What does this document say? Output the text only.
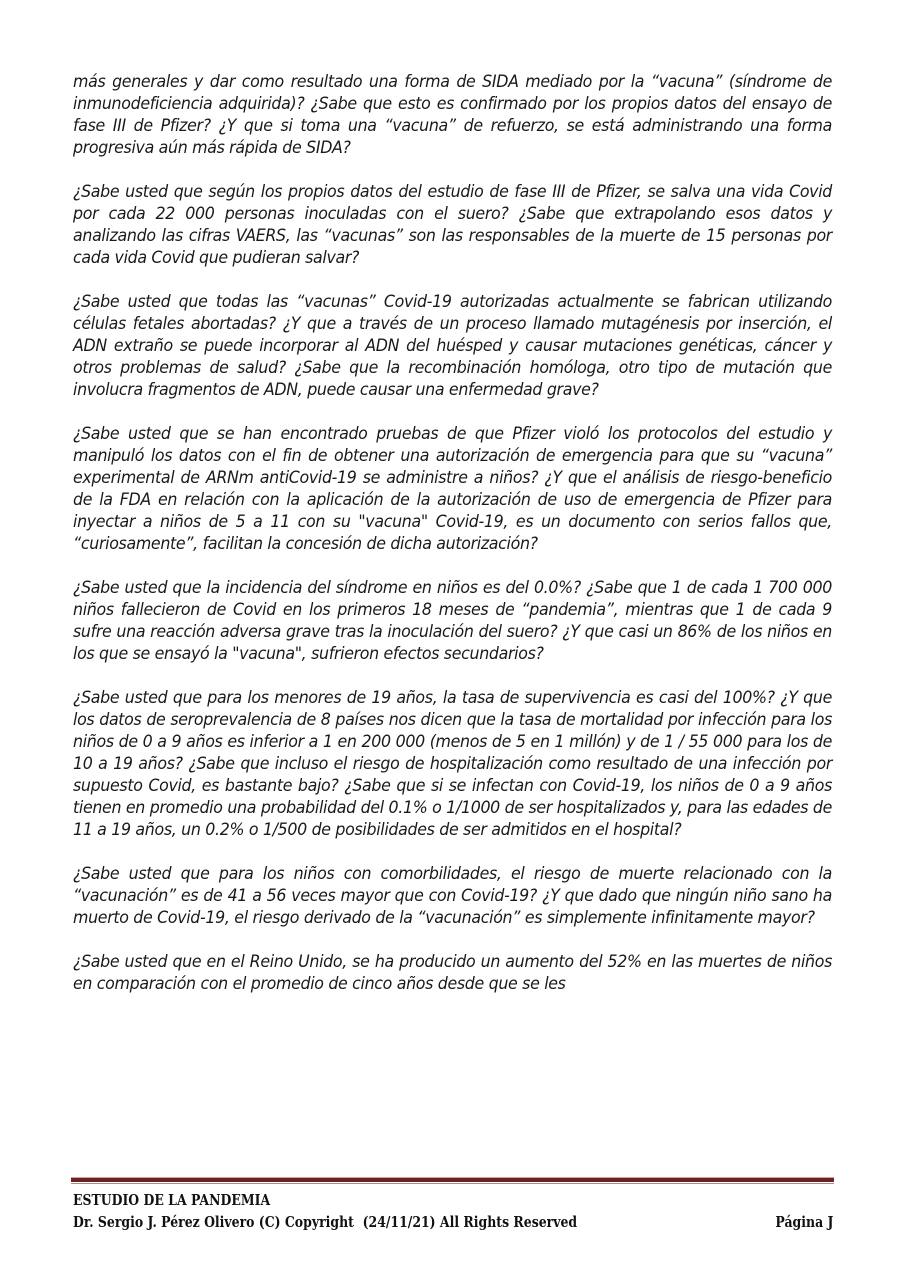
más generales y dar como resultado una forma de SIDA mediado por la “vacuna” (síndrome de inmunodeficiencia adquirida)? ¿Sabe que esto es confirmado por los propios datos del ensayo de fase III de Pfizer? ¿Y que si toma una “vacuna” de refuerzo, se está administrando una forma progresiva aún más rápida de SIDA?

¿Sabe usted que según los propios datos del estudio de fase III de Pfizer, se salva una vida Covid por cada 22 000 personas inoculadas con el suero? ¿Sabe que extrapolando esos datos y analizando las cifras VAERS, las “vacunas” son las responsables de la muerte de 15 personas por cada vida Covid que pudieran salvar?

¿Sabe usted que todas las “vacunas” Covid-19 autorizadas actualmente se fabrican utilizando células fetales abortadas? ¿Y que a través de un proceso llamado mutagénesis por inserción, el ADN extraño se puede incorporar al ADN del huésped y causar mutaciones genéticas, cáncer y otros problemas de salud? ¿Sabe que la recombinación homóloga, otro tipo de mutación que involucra fragmentos de ADN, puede causar una enfermedad grave?

¿Sabe usted que se han encontrado pruebas de que Pfizer violó los protocolos del estudio y manipuló los datos con el fin de obtener una autorización de emergencia para que su “vacuna” experimental de ARNm antiCovid-19 se administre a niños? ¿Y que el análisis de riesgo-beneficio de la FDA en relación con la aplicación de la autorización de uso de emergencia de Pfizer para inyectar a niños de 5 a 11 con su "vacuna" Covid-19, es un documento con serios fallos que, “curiosamente”, facilitan la concesión de dicha autorización?

¿Sabe usted que la incidencia del síndrome en niños es del 0.0%? ¿Sabe que 1 de cada 1 700 000 niños fallecieron de Covid en los primeros 18 meses de “pandemia”, mientras que 1 de cada 9 sufre una reacción adversa grave tras la inoculación del suero? ¿Y que casi un 86% de los niños en los que se ensayó la "vacuna", sufrieron efectos secundarios?

¿Sabe usted que para los menores de 19 años, la tasa de supervivencia es casi del 100%? ¿Y que los datos de seroprevalencia de 8 países nos dicen que la tasa de mortalidad por infección para los niños de 0 a 9 años es inferior a 1 en 200 000 (menos de 5 en 1 millón) y de 1 / 55 000 para los de 10 a 19 años? ¿Sabe que incluso el riesgo de hospitalización como resultado de una infección por supuesto Covid, es bastante bajo? ¿Sabe que si se infectan con Covid-19, los niños de 0 a 9 años tienen en promedio una probabilidad del 0.1% o 1/1000 de ser hospitalizados y, para las edades de 11 a 19 años, un 0.2% o 1/500 de posibilidades de ser admitidos en el hospital?

¿Sabe usted que para los niños con comorbilidades, el riesgo de muerte relacionado con la “vacunación” es de 41 a 56 veces mayor que con Covid-19? ¿Y que dado que ningún niño sano ha muerto de Covid-19, el riesgo derivado de la “vacunación” es simplemente infinitamente mayor?

¿Sabe usted que en el Reino Unido, se ha producido un aumento del 52% en las muertes de niños en comparación con el promedio de cinco años desde que se les

ESTUDIO DE LA PANDEMIA
Dr. Sergio J. Pérez Olivero (C) Copyright  (24/11/21) All Rights Reserved	Página J
